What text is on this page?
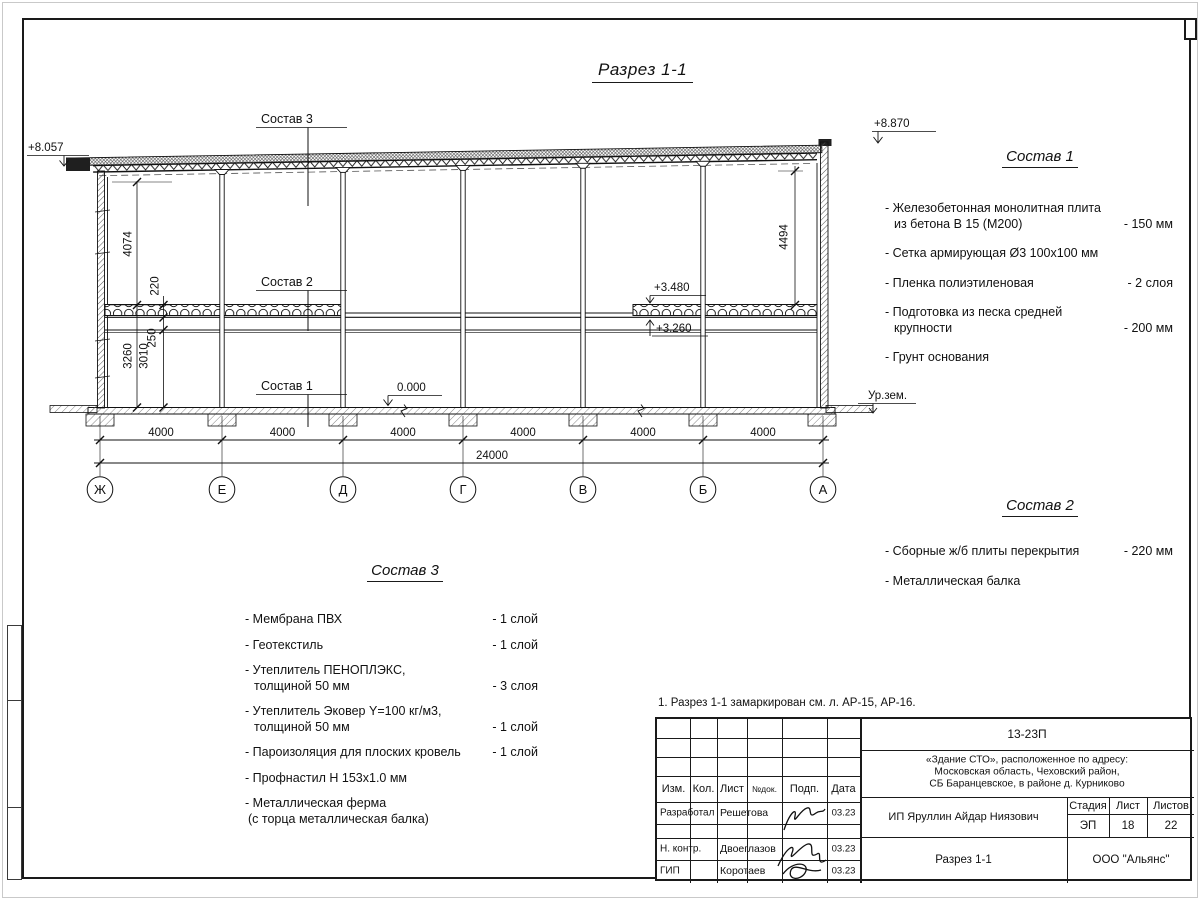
Разрез 1-1
4000	4000	4000	4000	4000	4000
24000
Ж	Е	Д	Г	В	Б	А
4074
220
250
3010
3260
4494
+8.057
+8.870
0.000
+3.480
+3.260
Ур.зем.
Состав 3
Состав 2
Состав 1
Состав 1
- Железобетонная монолитная плита
из бетона В 15 (М200)	- 150 мм
- Сетка армирующая Ø3 100х100 мм
- Пленка полиэтиленовая	- 2 слоя
- Подготовка из песка средней
крупности	- 200 мм
- Грунт основания
Состав 2
- Сборные ж/б плиты перекрытия	- 220 мм
- Металлическая балка
Состав 3
- Мембрана ПВХ	- 1 слой
- Геотекстиль	- 1 слой
- Утеплитель ПЕНОПЛЭКС,
толщиной 50 мм	- 3 слоя
- Утеплитель Эковер Y=100 кг/м3,
толщиной 50 мм	- 1 слой
- Пароизоляция для плоских кровель	- 1 слой
- Профнастил Н 153х1.0 мм
- Металлическая ферма
(с торца металлическая балка)
1. Разрез 1-1 замаркирован см. л. АР-15, АР-16.
Изм. Кол. Лист №док. Подп. Дата
Разработал Решетова	03.23
Н. контр. Двоеглазов	03.23
ГИП	Коротаев	03.23
13-23П
«Здание СТО», расположенное по адресу:
Московская область, Чеховский район,
СБ Баранцевское, в районе д. Курниково
ИП Яруллин Айдар Ниязович
Стадия Лист Листов
ЭП 18	22
Разрез 1-1	ООО "Альянс"
